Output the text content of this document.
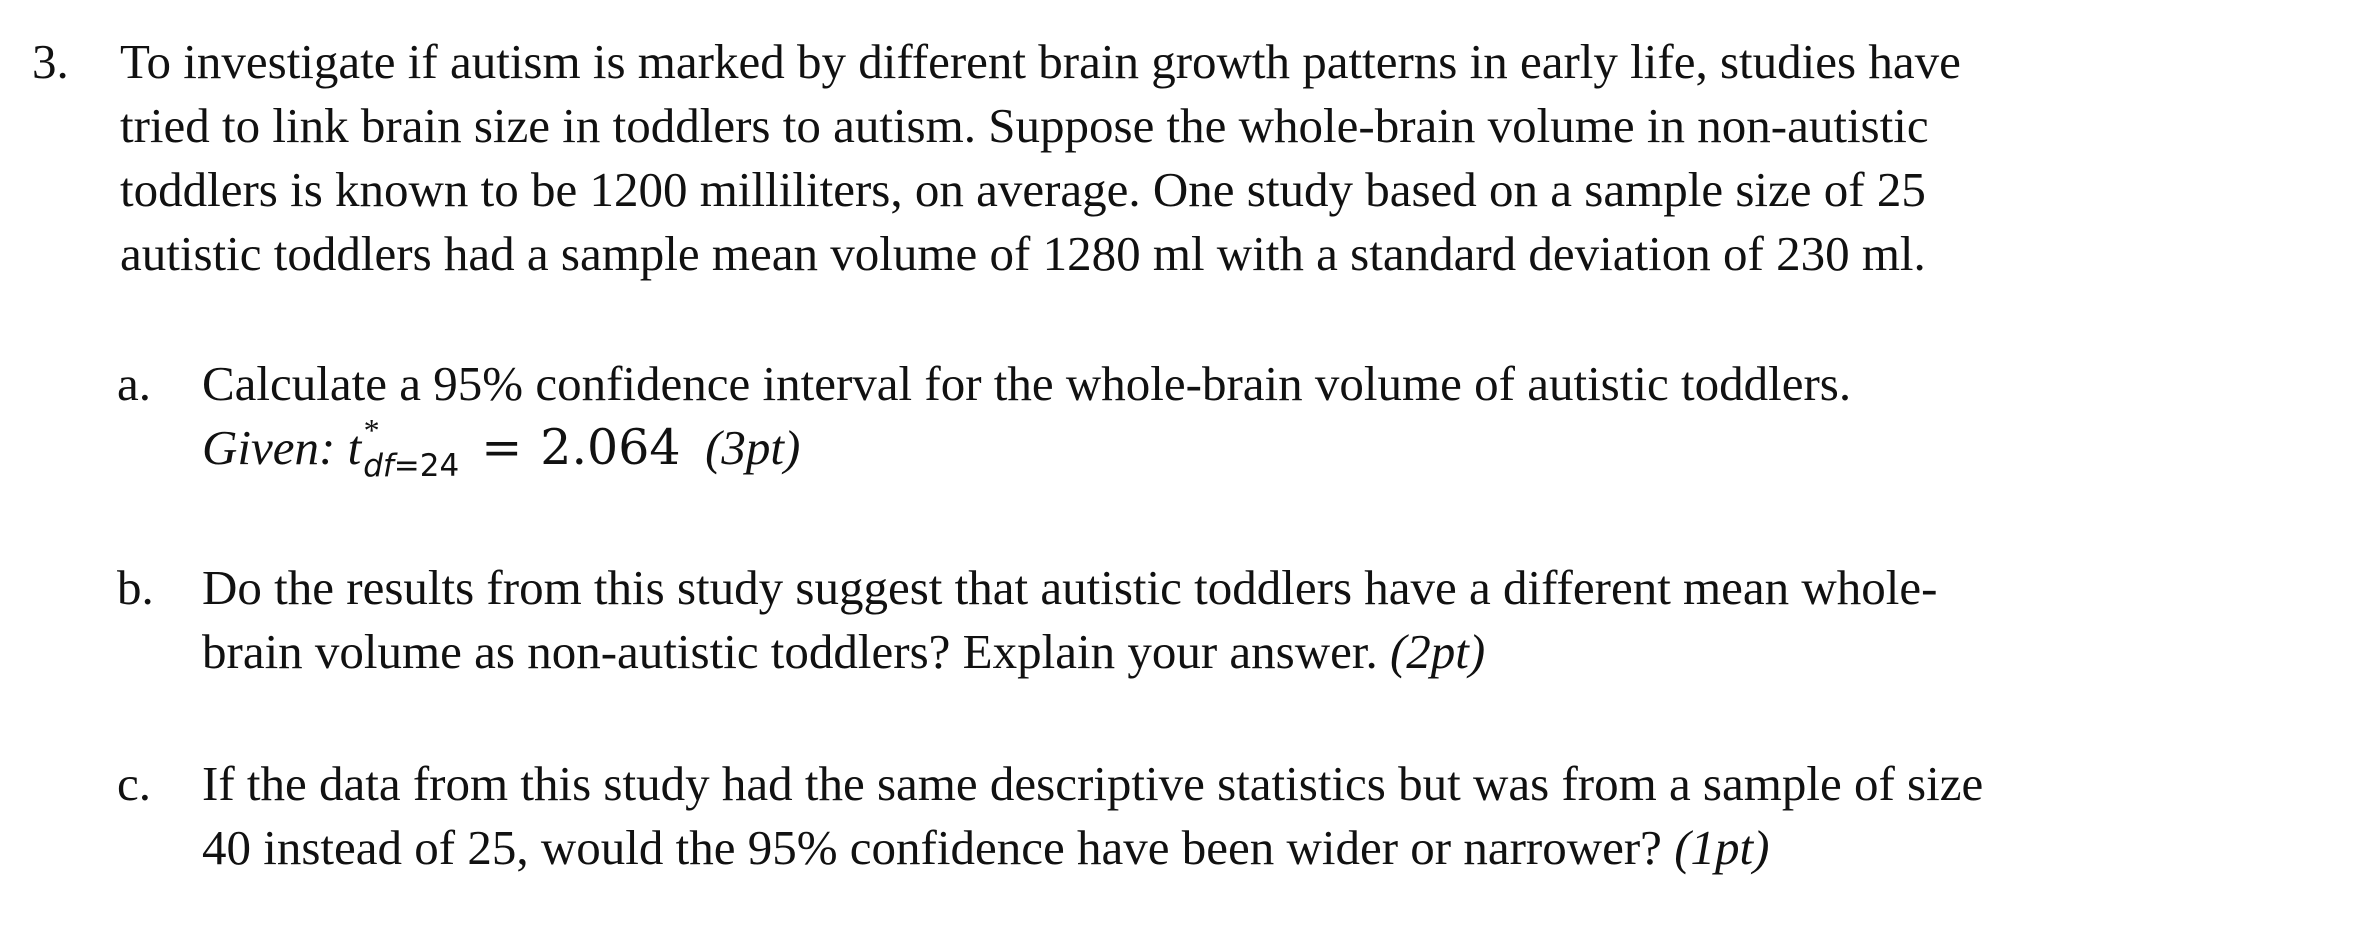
3. To investigate if autism is marked by different brain growth patterns in early life, studies have
tried to link brain size in toddlers to autism. Suppose the whole-brain volume in non-autistic
toddlers is known to be 1200 milliliters, on average. One study based on a sample size of 25
autistic toddlers had a sample mean volume of 1280 ml with a standard deviation of 230 ml.
a. Calculate a 95% confidence interval for the whole-brain volume of autistic toddlers.
Given: t *
$_{df=24}$ = 2.064 (3pt)
b. Do the results from this study suggest that autistic toddlers have a different mean whole-
brain volume as non-autistic toddlers? Explain your answer. (2pt)
c. If the data from this study had the same descriptive statistics but was from a sample of size
40 instead of 25, would the 95% confidence have been wider or narrower? (1pt)
